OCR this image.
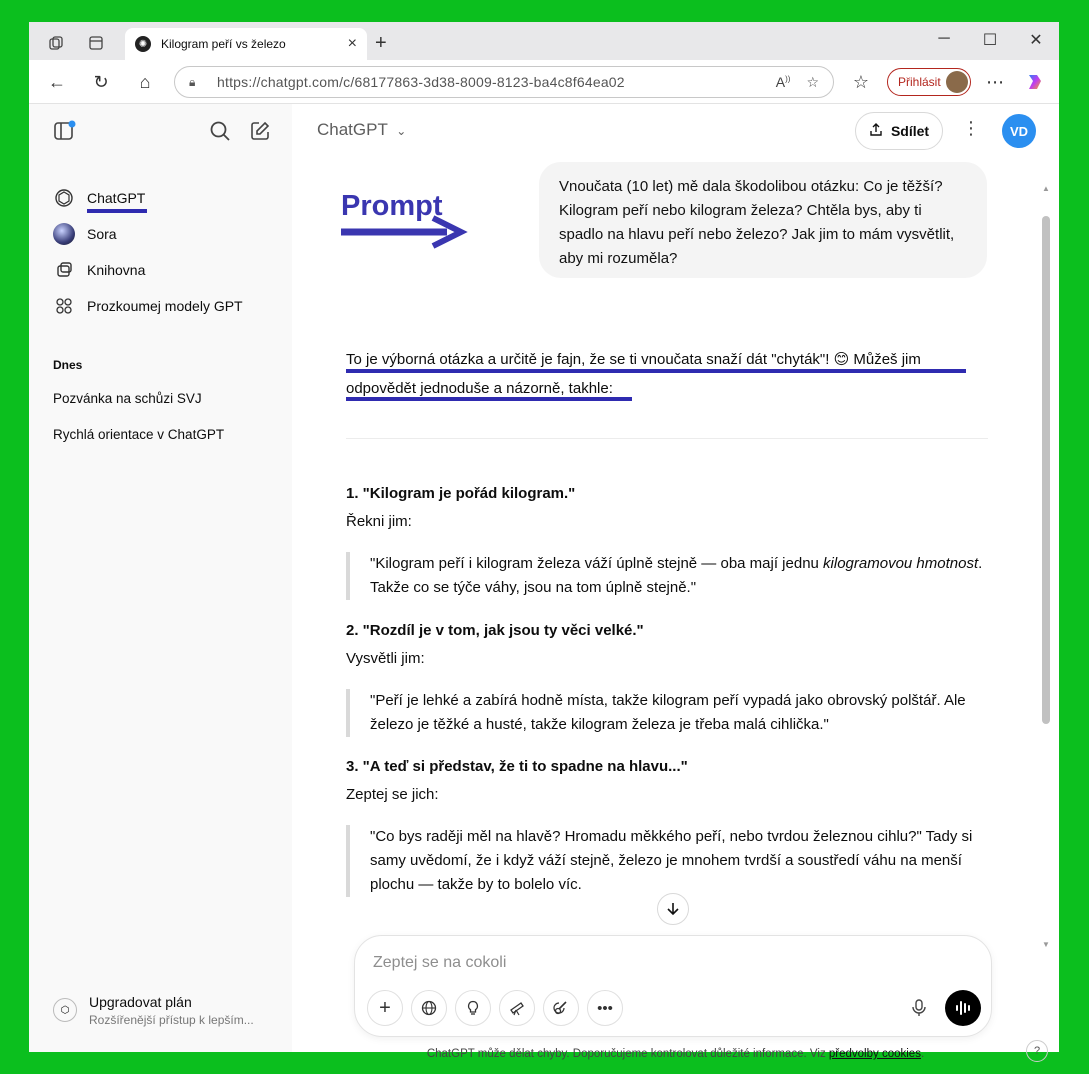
✺	Kilogram peří vs železo	× +	─	☐	✕
← ↻	⌂	🔒︎	https://chatgpt.com/c/68177863-3d38-8009-8123-ba4c8f64ea02	A)) ☆ ☆	Přihlásit	⋯
ChatGPT
Sora
Knihovna
Prozkoumej modely GPT
Dnes
Pozvánka na schůzi SVJ
Rychlá orientace v ChatGPT
⬡	Upgradovat plán
Rozšířenější přístup k lepším...
ChatGPT ⌄	Sdílet ⋮	VD
Prompt
Vnoučata (10 let) mě dala škodolibou otázku: Co je těžší? Kilogram peří nebo kilogram železa? Chtěla bys, aby ti spadlo na hlavu peří nebo železo? Jak jim to mám vysvětlit, aby mi rozuměla?
To je výborná otázka a určitě je fajn, že se ti vnoučata snaží dát "chyták"! 😊 Můžeš jim
odpovědět jednoduše a názorně, takhle:
1. "Kilogram je pořád kilogram."
Řekni jim:
"Kilogram peří i kilogram železa váží úplně stejně — oba mají jednu kilogramovou hmotnost. Takže co se týče váhy, jsou na tom úplně stejně."
2. "Rozdíl je v tom, jak jsou ty věci velké."
Vysvětli jim:
"Peří je lehké a zabírá hodně místa, takže kilogram peří vypadá jako obrovský polštář. Ale železo je těžké a husté, takže kilogram železa je třeba malá cihlička."
3. "A teď si představ, že ti to spadne na hlavu..."
Zeptej se jich:
"Co bys raději měl na hlavě? Hromadu měkkého peří, nebo tvrdou železnou cihlu?" Tady si samy uvědomí, že i když váží stejně, železo je mnohem tvrdší a soustředí váhu na menší plochu — takže by to bolelo víc.
▲
▼
Zeptej se na cokoli
+	•••
ChatGPT může dělat chyby. Doporučujeme kontrolovat důležité informace. Viz předvolby cookies.	?
